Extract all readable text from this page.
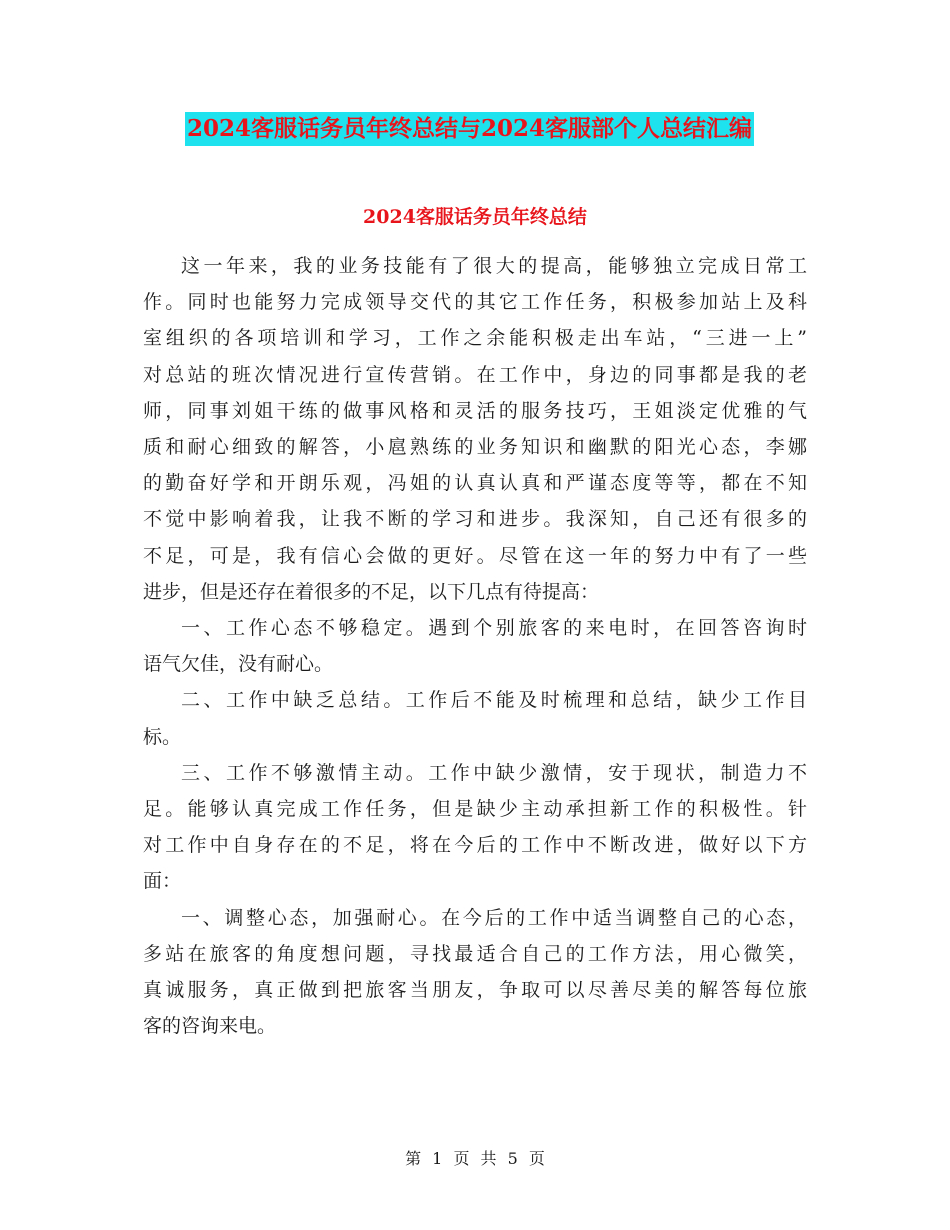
2024客服话务员年终总结与2024客服部个人总结汇编
2024客服话务员年终总结
这一年来，我的业务技能有了很大的提高，能够独立完成日常工
作。同时也能努力完成领导交代的其它工作任务，积极参加站上及科
室组织的各项培训和学习，工作之余能积极走出车站，“三进一上”
对总站的班次情况进行宣传营销。在工作中，身边的同事都是我的老
师，同事刘姐干练的做事风格和灵活的服务技巧，王姐淡定优雅的气
质和耐心细致的解答，小扈熟练的业务知识和幽默的阳光心态，李娜
的勤奋好学和开朗乐观，冯姐的认真认真和严谨态度等等，都在不知
不觉中影响着我，让我不断的学习和进步。我深知，自己还有很多的
不足，可是，我有信心会做的更好。尽管在这一年的努力中有了一些
进步，但是还存在着很多的不足，以下几点有待提高：
一、工作心态不够稳定。遇到个别旅客的来电时，在回答咨询时
语气欠佳，没有耐心。
二、工作中缺乏总结。工作后不能及时梳理和总结，缺少工作目
标。
三、工作不够激情主动。工作中缺少激情，安于现状，制造力不
足。能够认真完成工作任务，但是缺少主动承担新工作的积极性。针
对工作中自身存在的不足，将在今后的工作中不断改进，做好以下方
面：
一、调整心态，加强耐心。在今后的工作中适当调整自己的心态，
多站在旅客的角度想问题，寻找最适合自己的工作方法，用心微笑，
真诚服务，真正做到把旅客当朋友，争取可以尽善尽美的解答每位旅
客的咨询来电。
第 1 页 共 5 页
